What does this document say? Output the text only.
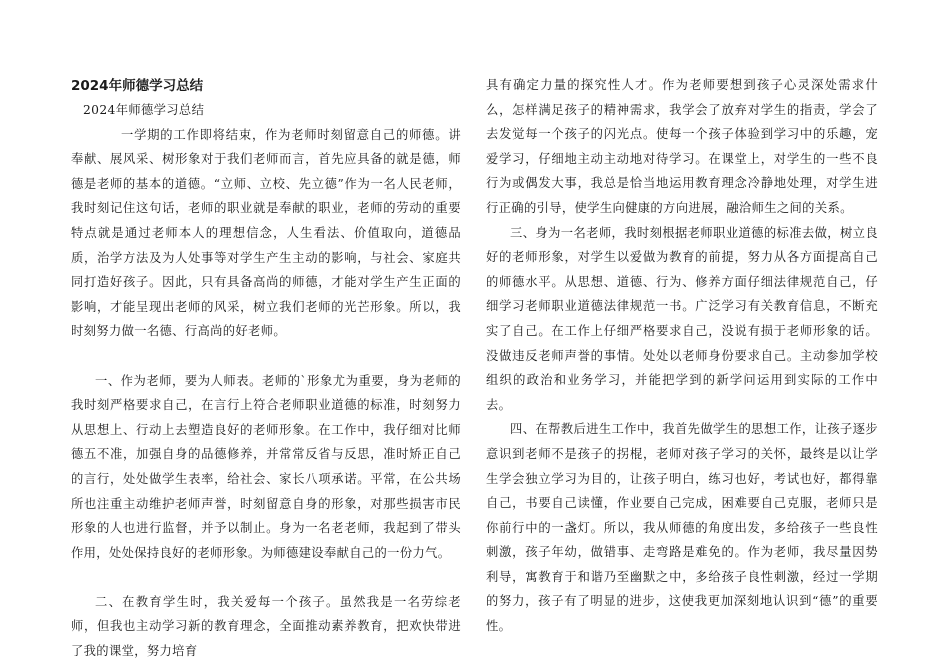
2024年师德学习总结

2024年师德学习总结

一学期的工作即将结束，作为老师时刻留意自己的师德。讲奉献、展风采、树形象对于我们老师而言，首先应具备的就是德，师德是老师的基本的道德。“立师、立校、先立德”作为一名人民老师，我时刻记住这句话，老师的职业就是奉献的职业，老师的劳动的重要特点就是通过老师本人的理想信念，人生看法、价值取向，道德品质，治学方法及为人处事等对学生产生主动的影响，与社会、家庭共同打造好孩子。因此，只有具备高尚的师德，才能对学生产生正面的影响，才能呈现出老师的风采，树立我们老师的光芒形象。所以，我时刻努力做一名德、行高尚的好老师。

一、作为老师，要为人师表。老师的`形象尤为重要，身为老师的我时刻严格要求自己，在言行上符合老师职业道德的标准，时刻努力从思想上、行动上去塑造良好的老师形象。在工作中，我仔细对比师德五不准，加强自身的品德修养，并常常反省与反思，准时矫正自己的言行，处处做学生表率，给社会、家长八项承诺。平常，在公共场所也注重主动维护老师声誉，时刻留意自身的形象，对那些损害市民形象的人也进行监督，并予以制止。身为一名老老师，我起到了带头作用，处处保持良好的老师形象。为师德建设奉献自己的一份力气。

二、在教育学生时，我关爱每一个孩子。虽然我是一名劳综老师，但我也主动学习新的教育理念，全面推动素养教育，把欢快带进了我的课堂，努力培育

具有确定力量的探究性人才。作为老师要想到孩子心灵深处需求什么，怎样满足孩子的精神需求，我学会了放弃对学生的指责，学会了去发觉每一个孩子的闪光点。使每一个孩子体验到学习中的乐趣，宠爱学习，仔细地主动主动地对待学习。在课堂上，对学生的一些不良行为或偶发大事，我总是恰当地运用教育理念冷静地处理，对学生进行正确的引导，使学生向健康的方向进展，融洽师生之间的关系。

三、身为一名老师，我时刻根据老师职业道德的标准去做，树立良好的老师形象，对学生以爱做为教育的前提，努力从各方面提高自己的师德水平。从思想、道德、行为、修养方面仔细法律规范自己，仔细学习老师职业道德法律规范一书。广泛学习有关教育信息，不断充实了自己。在工作上仔细严格要求自己，没说有损于老师形象的话。没做违反老师声誉的事情。处处以老师身份要求自己。主动参加学校组织的政治和业务学习，并能把学到的新学问运用到实际的工作中去。

四、在帮教后进生工作中，我首先做学生的思想工作，让孩子逐步意识到老师不是孩子的拐棍，老师对孩子学习的关怀，最终是以让学生学会独立学习为目的，让孩子明白，练习也好，考试也好，都得靠自己，书要自己读懂，作业要自己完成，困难要自己克服，老师只是你前行中的一盏灯。所以，我从师德的角度出发，多给孩子一些良性刺激，孩子年幼，做错事、走弯路是难免的。作为老师，我尽量因势利导，寓教育于和谐乃至幽默之中，多给孩子良性刺激，经过一学期的努力，孩子有了明显的进步，这使我更加深刻地认识到“德”的重要性。
